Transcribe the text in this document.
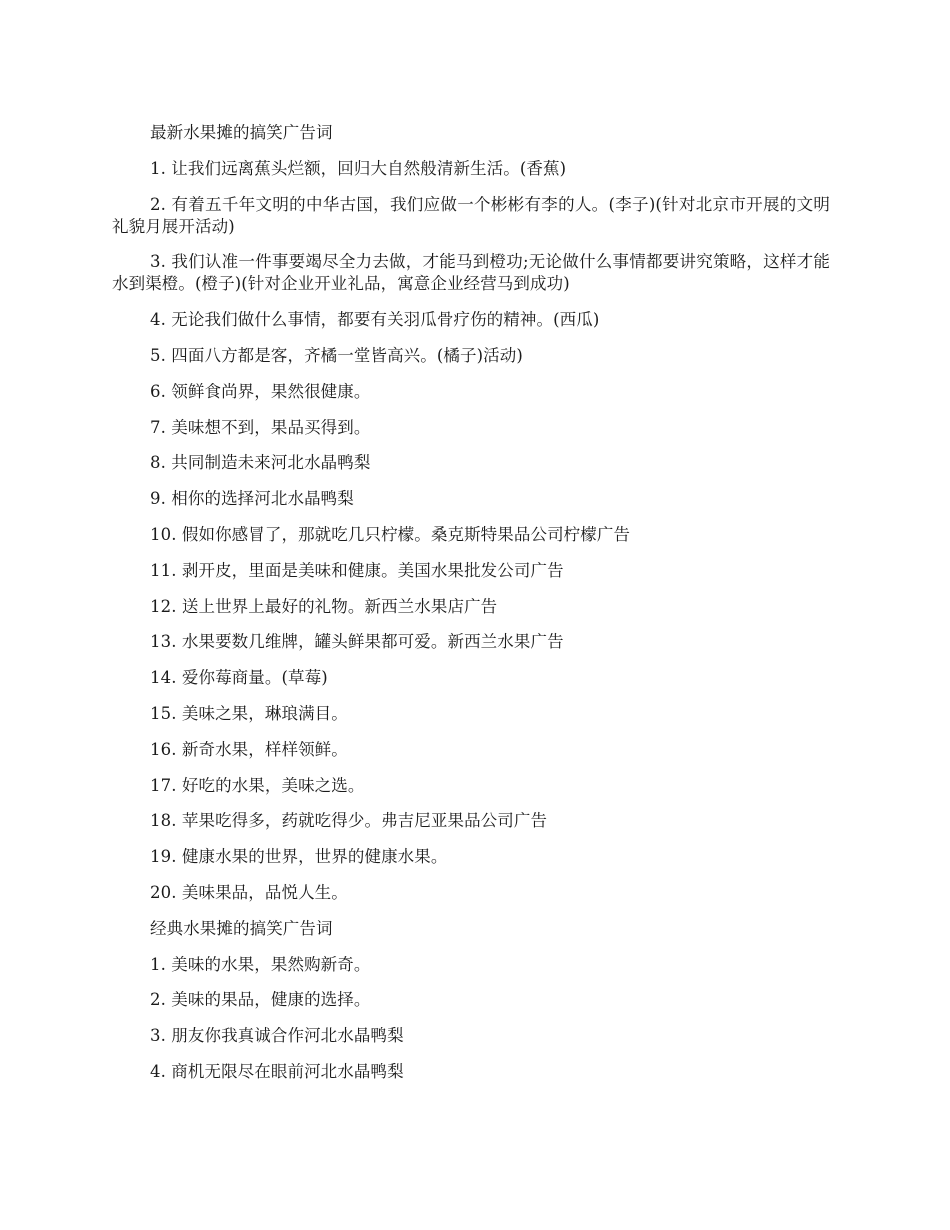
最新水果摊的搞笑广告词

1. 让我们远离蕉头烂额，回归大自然般清新生活。(香蕉)

2. 有着五千年文明的中华古国，我们应做一个彬彬有李的人。(李子)(针对北京市开展的文明礼貌月展开活动)

3. 我们认准一件事要竭尽全力去做，才能马到橙功;无论做什么事情都要讲究策略，这样才能水到渠橙。(橙子)(针对企业开业礼品，寓意企业经营马到成功)

4. 无论我们做什么事情，都要有关羽瓜骨疗伤的精神。(西瓜)

5. 四面八方都是客，齐橘一堂皆高兴。(橘子)活动)

6. 领鲜食尚界，果然很健康。

7. 美味想不到，果品买得到。

8. 共同制造未来河北水晶鸭梨

9. 相你的选择河北水晶鸭梨

10. 假如你感冒了，那就吃几只柠檬。桑克斯特果品公司柠檬广告

11. 剥开皮，里面是美味和健康。美国水果批发公司广告

12. 送上世界上最好的礼物。新西兰水果店广告

13. 水果要数几维牌，罐头鲜果都可爱。新西兰水果广告

14. 爱你莓商量。(草莓)

15. 美味之果，琳琅满目。

16. 新奇水果，样样领鲜。

17. 好吃的水果，美味之选。

18. 苹果吃得多，药就吃得少。弗吉尼亚果品公司广告

19. 健康水果的世界，世界的健康水果。

20. 美味果品，品悦人生。

经典水果摊的搞笑广告词

1. 美味的水果，果然购新奇。

2. 美味的果品，健康的选择。

3. 朋友你我真诚合作河北水晶鸭梨

4. 商机无限尽在眼前河北水晶鸭梨
